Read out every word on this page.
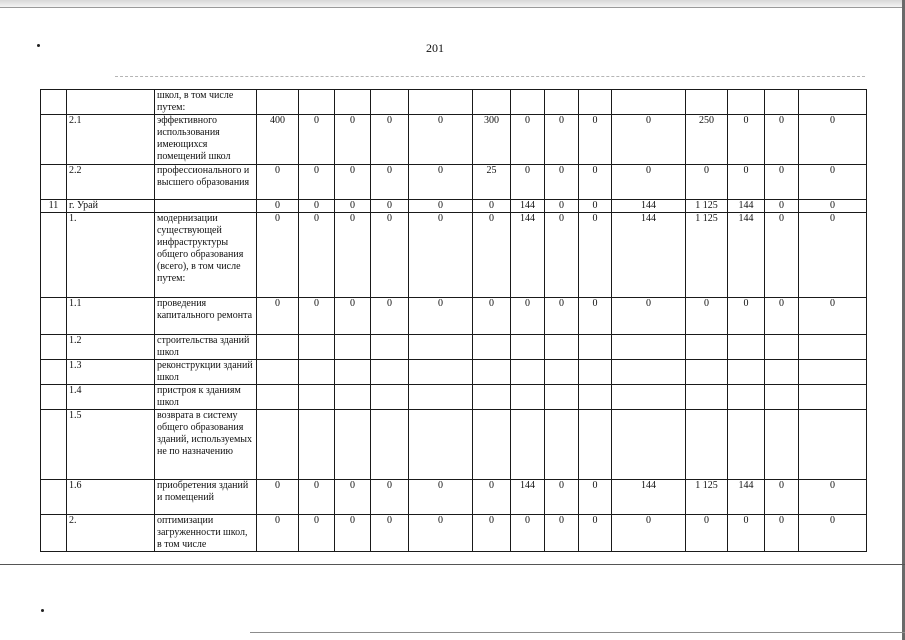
201
		школ, в том числе путем:															
	2.1	эффективного использования имеющихся помещений школ	400	0	0	0	0	300	0	0	0	0	250	0	0	0	
	2.2	профессионального и высшего образования	0	0	0	0	0	25	0	0	0	0	0	0	0	0	
11	г. Урай		0	0	0	0	0	0	144	0	0	144	1 125	144	0	0	
	1.	модернизации существующей инфраструктуры общего образования (всего), в том числе путем:	0	0	0	0	0	0	144	0	0	144	1 125	144	0	0	
	1.1	проведения капитального ремонта	0	0	0	0	0	0	0	0	0	0	0	0	0	0	
	1.2	строительства зданий школ															
	1.3	реконструкции зданий школ															
	1.4	пристроя к зданиям школ															
	1.5	возврата в систему общего образования зданий, используемых не по назначению															
	1.6	приобретения зданий и помещений	0	0	0	0	0	0	144	0	0	144	1 125	144	0	0	
	2.	оптимизации загруженности школ, в том числе	0	0	0	0	0	0	0	0	0	0	0	0	0	0	
